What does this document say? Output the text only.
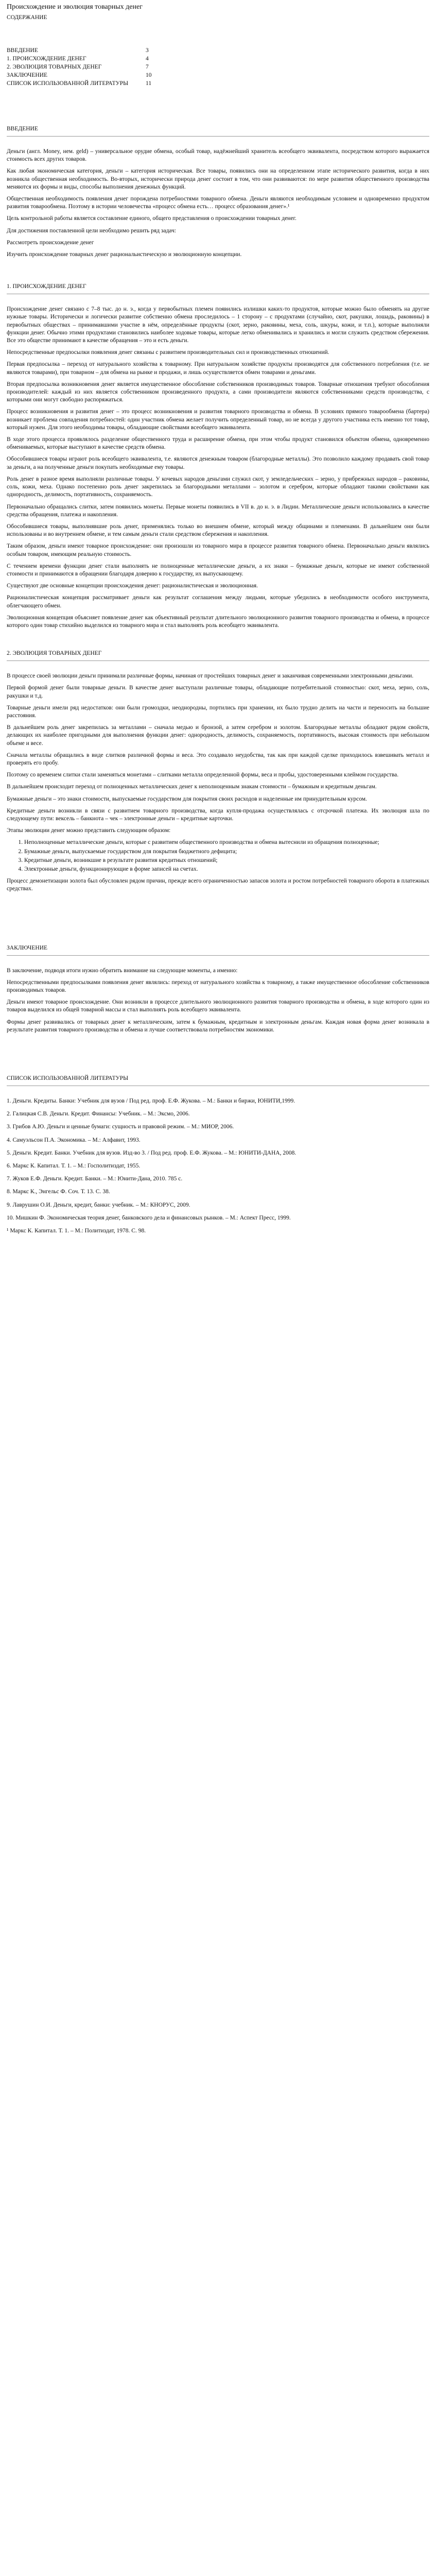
Происхождение и эволюция товарных денег
СОДЕРЖАНИЕ
ВВЕДЕНИЕ	3
1. ПРОИСХОЖДЕНИЕ ДЕНЕГ	4
2. ЭВОЛЮЦИЯ ТОВАРНЫХ ДЕНЕГ	7
ЗАКЛЮЧЕНИЕ	10
СПИСОК ИСПОЛЬЗОВАННОЙ ЛИТЕРАТУРЫ	11
ВВЕДЕНИЕ

Деньги (англ. Money, нем. geld) – универсальное орудие обмена, особый товар, надёжнейший хранитель всеобщего эквивалента, посредством которого выражается стоимость всех других товаров.

Как любая экономическая категория, деньги – категория историческая. Все товары, появились они на определенном этапе исторического развития, когда в них возникла общественная необходимость. Во-вторых, исторически природа денег состоит в том, что они развиваются: по мере развития общественного производства меняются их формы и виды, способы выполнения денежных функций.

Общественная необходимость появления денег порождена потребностями товарного обмена. Деньги являются необходимым условием и одновременно продуктом развития товарообмена. Поэтому в истории человечества «процесс обмена есть… процесс образования денег».¹

Цель контрольной работы является составление единого, общего представления о происхождении товарных денег.

Для достижения поставленной цели необходимо решить ряд задач:

Рассмотреть происхождение денег

Изучить происхождение товарных денег рациональистическую и эволюционную концепции.

1. ПРОИСХОЖДЕНИЕ ДЕНЕГ

Происхождение денег связано с 7–8 тыс. до н. э., когда у первобытных племен появились излишки каких-то продуктов, которые можно было обменять на другие нужные товары. Исторически и логически развитие собственно обмена проследилось – 1 сторону – с продуктами (случайно, скот, ракушки, лошадь, раковины) в первобытных обществах – принимавшими участие в нём, определённые продукты (скот, зерно, раковины, меха, соль, шкуры, кожи, и т.п.), которые выполняли функции денег. Обычно этими продуктами становились наиболее ходовые товары, которые легко обменивались и хранились и могли служить средством сбережения. Все это обществе принимают в качестве обращения – это и есть деньги.

Непосредственные предпосылки появления денег связаны с развитием производительных сил и производственных отношений.

Первая предпосылка – переход от натурального хозяйства к товарному. При натуральном хозяйстве продукты производятся для собственного потребления (т.е. не являются товарами), при товарном – для обмена на рынке и продажи, и лишь осуществляется обмен товарами и деньгами.

Вторая предпосылка возникновения денег является имущественное обособление собственников производимых товаров. Товарные отношения требуют обособления производителей: каждый из них является собственником произведенного продукта, а сами производители являются собственниками средств производства, с которыми они могут свободно распоряжаться.

Процесс возникновения и развития денег – это процесс возникновения и развития товарного производства и обмена. В условиях прямого товарообмена (бартера) возникает проблема совпадения потребностей: один участник обмена желает получить определенный товар, но не всегда у другого участника есть именно тот товар, который нужен. Для этого необходимы товары, обладающие свойствами всеобщего эквивалента.

В ходе этого процесса проявлялось разделение общественного труда и расширение обмена, при этом чтобы продукт становился объектом обмена, одновременно обмениваемых, которые выступают в качестве средств обмена.

Обособившиеся товары играют роль всеобщего эквивалента, т.е. являются денежным товаром (благородные металлы). Это позволило каждому продавать свой товар за деньги, а на полученные деньги покупать необходимые ему товары.

Роль денег в разное время выполняли различные товары. У кочевых народов деньгами служил скот, у земледельческих – зерно, у прибрежных народов – раковины, соль, кожи, меха. Однако постепенно роль денег закрепилась за благородными металлами – золотом и серебром, которые обладают такими свойствами как однородность, делимость, портативность, сохраняемость.

Первоначально обращались слитки, затем появились монеты. Первые монеты появились в VII в. до н. э. в Лидии. Металлические деньги использовались в качестве средства обращения, платежа и накопления.

Обособившиеся товары, выполнявшие роль денег, применялись только во внешнем обмене, который между общинами и племенами. В дальнейшем они были использованы и во внутреннем обмене, и тем самым деньги стали средством сбережения и накопления.

Таким образом, деньги имеют товарное происхождение: они произошли из товарного мира в процессе развития товарного обмена. Первоначально деньги являлись особым товаром, имеющим реальную стоимость.

С течением времени функции денег стали выполнять не полноценные металлические деньги, а их знаки – бумажные деньги, которые не имеют собственной стоимости и принимаются в обращении благодаря доверию к государству, их выпускающему.

Существуют две основные концепции происхождения денег: рационалистическая и эволюционная.

Рационалистическая концепция рассматривает деньги как результат соглашения между людьми, которые убедились в необходимости особого инструмента, облегчающего обмен.

Эволюционная концепция объясняет появление денег как объективный результат длительного эволюционного развития товарного производства и обмена, в процессе которого один товар стихийно выделился из товарного мира и стал выполнять роль всеобщего эквивалента.

2. ЭВОЛЮЦИЯ ТОВАРНЫХ ДЕНЕГ

В процессе своей эволюции деньги принимали различные формы, начиная от простейших товарных денег и заканчивая современными электронными деньгами.

Первой формой денег были товарные деньги. В качестве денег выступали различные товары, обладающие потребительной стоимостью: скот, меха, зерно, соль, ракушки и т.д.

Товарные деньги имели ряд недостатков: они были громоздки, неоднородны, портились при хранении, их было трудно делить на части и переносить на большие расстояния.

В дальнейшем роль денег закрепилась за металлами – сначала медью и бронзой, а затем серебром и золотом. Благородные металлы обладают рядом свойств, делающих их наиболее пригодными для выполнения функции денег: однородность, делимость, сохраняемость, портативность, высокая стоимость при небольшом объеме и весе.

Сначала металлы обращались в виде слитков различной формы и веса. Это создавало неудобства, так как при каждой сделке приходилось взвешивать металл и проверять его пробу.

Поэтому со временем слитки стали заменяться монетами – слитками металла определенной формы, веса и пробы, удостоверенными клеймом государства.

В дальнейшем происходит переход от полноценных металлических денег к неполноценным знакам стоимости – бумажным и кредитным деньгам.

Бумажные деньги – это знаки стоимости, выпускаемые государством для покрытия своих расходов и наделенные им принудительным курсом.

Кредитные деньги возникли в связи с развитием товарного производства, когда купля-продажа осуществлялась с отсрочкой платежа. Их эволюция шла по следующему пути: вексель – банкнота – чек – электронные деньги – кредитные карточки.

Этапы эволюции денег можно представить следующим образом:

1. Неполноценные металлические деньги, которые с развитием общественного производства и обмена вытеснили из обращения полноценные;
2. Бумажные деньги, выпускаемые государством для покрытия бюджетного дефицита;
3. Кредитные деньги, возникшие в результате развития кредитных отношений;
4. Электронные деньги, функционирующие в форме записей на счетах.

Процесс демонетизации золота был обусловлен рядом причин, прежде всего ограниченностью запасов золота и ростом потребностей товарного оборота в платежных средствах.

ЗАКЛЮЧЕНИЕ

В заключение, подводя итоги нужно обратить внимание на следующие моменты, а именно:

Непосредственными предпосылками появления денег являлись: переход от натурального хозяйства к товарному, а также имущественное обособление собственников производимых товаров.

Деньги имеют товарное происхождение. Они возникли в процессе длительного эволюционного развития товарного производства и обмена, в ходе которого один из товаров выделился из общей товарной массы и стал выполнять роль всеобщего эквивалента.

Формы денег развивались от товарных денег к металлическим, затем к бумажным, кредитным и электронным деньгам. Каждая новая форма денег возникала в результате развития товарного производства и обмена и лучше соответствовала потребностям экономики.

СПИСОК ИСПОЛЬЗОВАННОЙ ЛИТЕРАТУРЫ
1. Деньги. Кредиты. Банки: Учебник для вузов / Под ред. проф. Е.Ф. Жукова. – М.: Банки и биржи, ЮНИТИ,1999.
2. Галицкая С.В. Деньги. Кредит. Финансы: Учебник. – М.: Эксмо, 2006.
3. Грибов А.Ю. Деньги и ценные бумаги: сущность и правовой режим. – М.: МИОР, 2006.
4. Самуэльсон П.А. Экономика. – М.: Алфавит, 1993.
5. Деньги. Кредит. Банки. Учебник для вузов. Изд-во 3. / Под ред. проф. Е.Ф. Жукова. – М.: ЮНИТИ-ДАНА, 2008.
6. Маркс К. Капитал. Т. 1. – М.: Госполитиздат, 1955.
7. Жуков Е.Ф. Деньги. Кредит. Банки. – М.: Юнити-Дана, 2010. 785 с.
8. Маркс К., Энгельс Ф. Соч. Т. 13. С. 38.
9. Лаврушин О.И. Деньги, кредит, банки: учебник. – М.: КНОРУС, 2009.
10. Мишкин Ф. Экономическая теория денег, банковского дела и финансовых рынков. – М.: Аспект Пресс, 1999.
¹ Маркс К. Капитал. Т. 1. – М.: Политиздат, 1978. С. 98.
